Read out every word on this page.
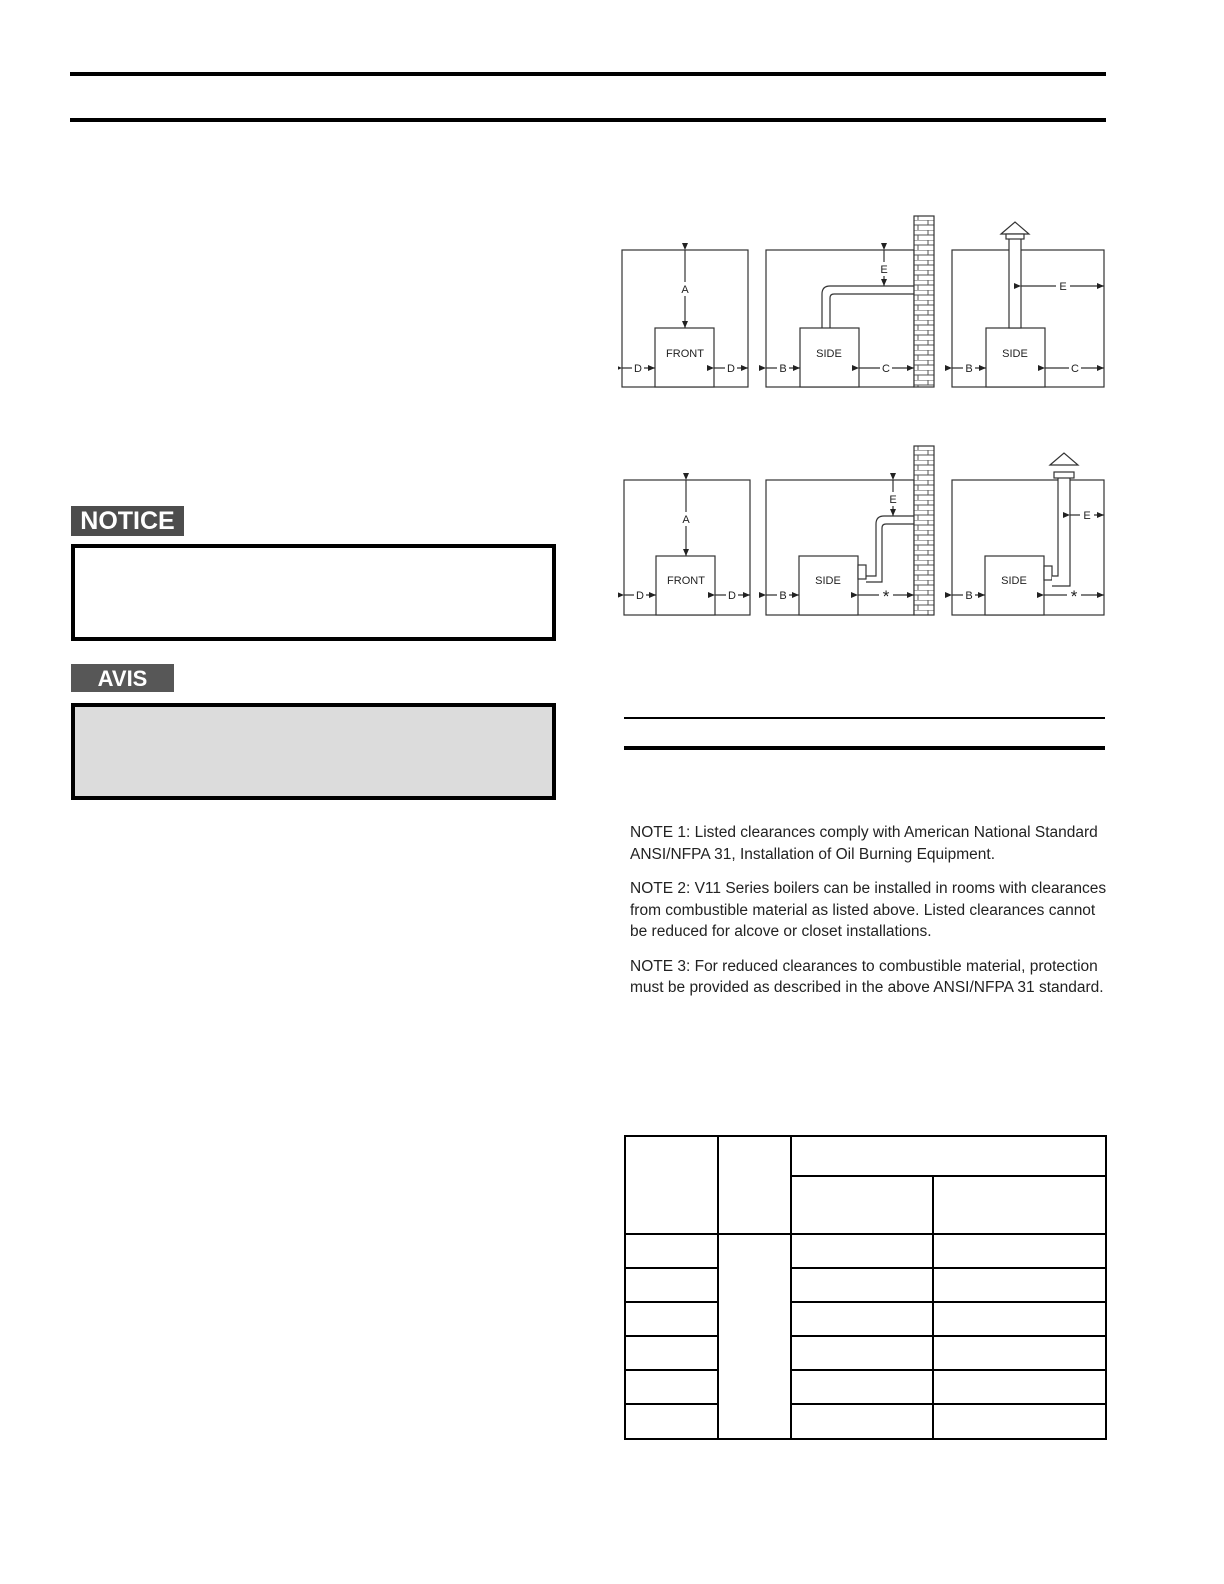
NOTICE
AVIS
A
FRONT
D	D
E
SIDE
B	C
E
SIDE
B	C
A
FRONT
D	D
E
SIDE
B	*
E
SIDE
B	*

NOTE 1: Listed clearances comply with American National Standard ANSI/NFPA 31, Installation of Oil Burning Equipment.

NOTE 2: V11 Series boilers can be installed in rooms with clearances from combustible material as listed above. Listed clearances cannot be reduced for alcove or closet installations.

NOTE 3: For reduced clearances to combustible material, protection must be provided as described in the above ANSI/NFPA 31 standard.
